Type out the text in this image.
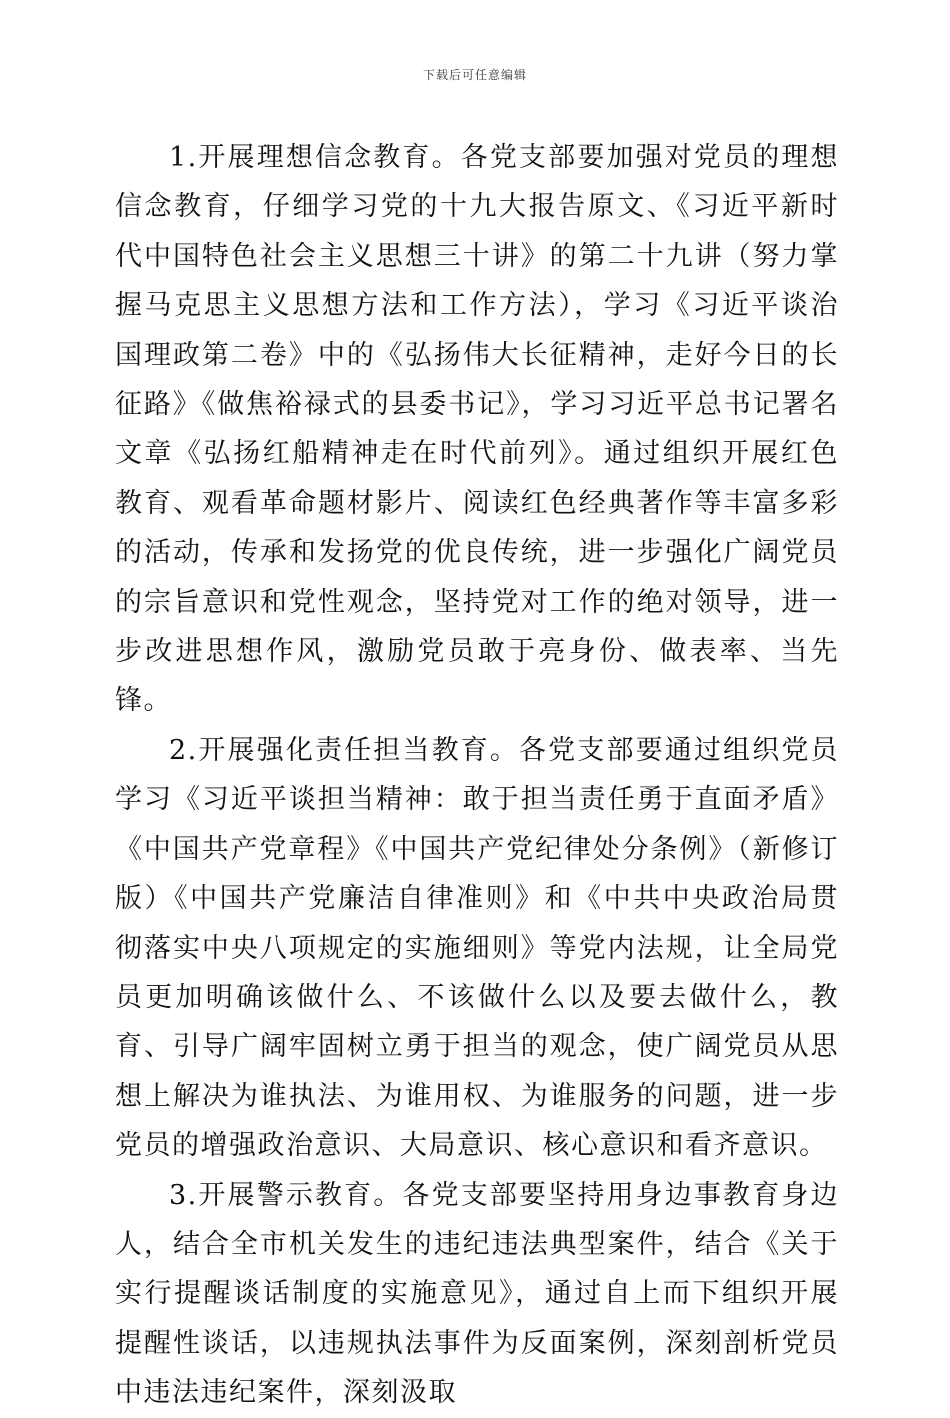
下载后可任意编辑

1.开展理想信念教育。各党支部要加强对党员的理想信念教育，仔细学习党的十九大报告原文、《习近平新时代中国特色社会主义思想三十讲》的第二十九讲（努力掌握马克思主义思想方法和工作方法），学习《习近平谈治国理政第二卷》中的《弘扬伟大长征精神，走好今日的长征路》《做焦裕禄式的县委书记》，学习习近平总书记署名文章《弘扬红船精神走在时代前列》。通过组织开展红色教育、观看革命题材影片、阅读红色经典著作等丰富多彩的活动，传承和发扬党的优良传统，进一步强化广阔党员的宗旨意识和党性观念，坚持党对工作的绝对领导，进一步改进思想作风，激励党员敢于亮身份、做表率、当先锋。

2.开展强化责任担当教育。各党支部要通过组织党员学习《习近平谈担当精神：敢于担当责任勇于直面矛盾》《中国共产党章程》《中国共产党纪律处分条例》（新修订版）《中国共产党廉洁自律准则》和《中共中央政治局贯彻落实中央八项规定的实施细则》等党内法规，让全局党员更加明确该做什么、不该做什么以及要去做什么，教育、引导广阔牢固树立勇于担当的观念，使广阔党员从思想上解决为谁执法、为谁用权、为谁服务的问题，进一步党员的增强政治意识、大局意识、核心意识和看齐意识。

3.开展警示教育。各党支部要坚持用身边事教育身边人，结合全市机关发生的违纪违法典型案件，结合《关于实行提醒谈话制度的实施意见》，通过自上而下组织开展提醒性谈话，以违规执法事件为反面案例，深刻剖析党员中违法违纪案件，深刻汲取
